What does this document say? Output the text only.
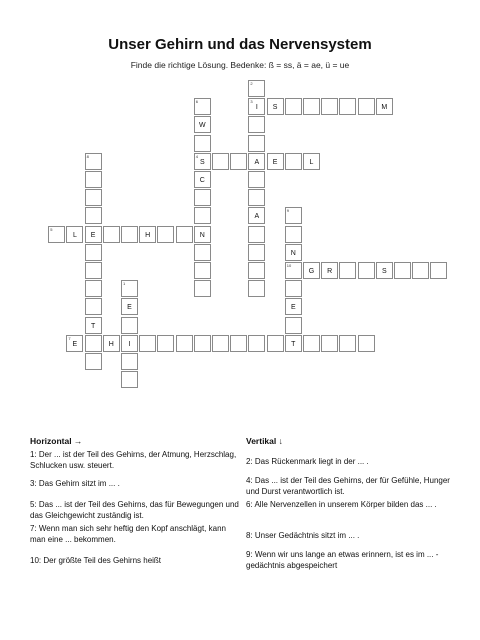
Unser Gehirn und das Nervensystem
Finde die richtige Lösung. Bedenke: ß = ss, ä = ae, ü = ue
2
6	3
I	S	M
W
8	4
S	A	E	L
C
A
9
5
L	E	H	N
N
10
G	R	S
1
E	E
T
7
E	H	I	T
Horizontal →
1: Der ... ist der Teil des Gehirns, der Atmung, Herzschlag, Schlucken usw. steuert.
3: Das Gehirn sitzt im ... .
5: Das ... ist der Teil des Gehirns, das für Bewegungen und das Gleichgewicht zuständig ist.
7: Wenn man sich sehr heftig den Kopf anschlägt, kann man eine ... bekommen.
10: Der größte Teil des Gehirns heißt
Vertikal ↓
2: Das Rückenmark liegt in der ... .
4: Das ... ist der Teil des Gehirns, der für Gefühle, Hunger und Durst verantwortlich ist.
6: Alle Nervenzellen in unserem Körper bilden das ... .
8: Unser Gedächtnis sitzt im ... .
9: Wenn wir uns lange an etwas erinnern, ist es im ... -gedächtnis abgespeichert
